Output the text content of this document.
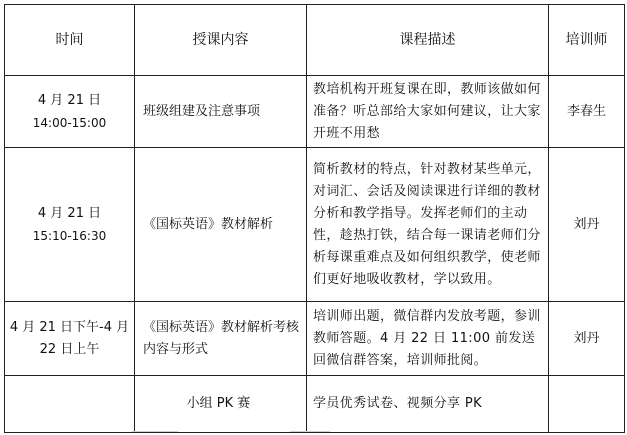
时间	授课内容	课程描述	培训师

4 月 21 日
14:00-15:00	班级组建及注意事项	教培机构开班复课在即，教师该做如何准备？听总部给大家如何建议，让大家开班不用愁	李春生

4 月 21 日
15:10-16:30	《国标英语》教材解析	简析教材的特点，针对教材某些单元，对词汇、会话及阅读课进行详细的教材分析和教学指导。发挥老师们的主动性，趁热打铁，结合每一课请老师们分析每课重难点及如何组织教学，使老师们更好地吸收教材，学以致用。	刘丹

4 月 21 日下午-4 月
22 日上午	《国标英语》教材解析考核内容与形式	培训师出题，微信群内发放考题，参训教师答题。4 月 22 日 11:00 前发送回微信群答案，培训师批阅。	刘丹

	小组 PK 赛	学员优秀试卷、视频分享 PK	
